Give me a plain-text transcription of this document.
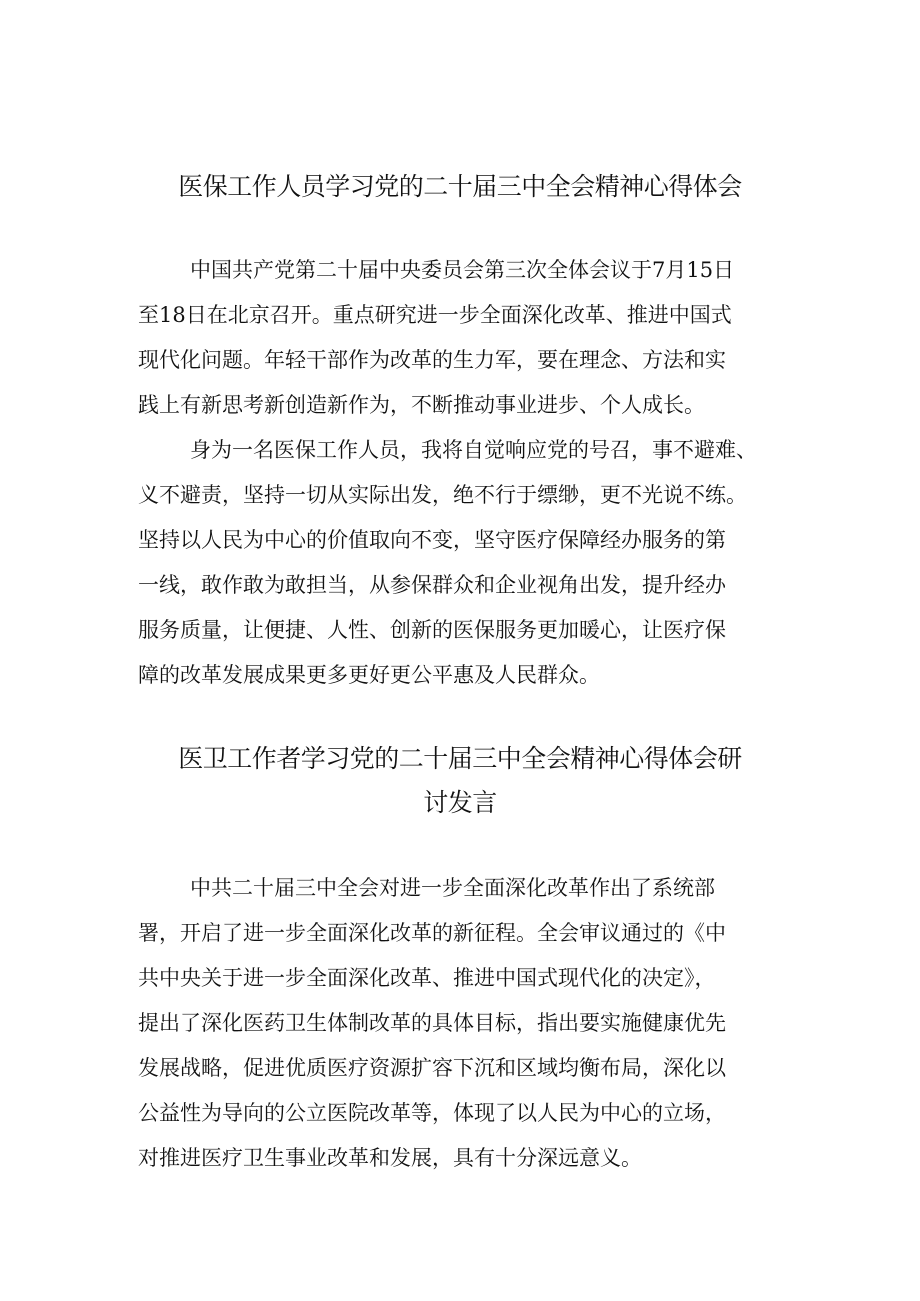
医保工作人员学习党的二十届三中全会精神心得体会
中国共产党第二十届中央委员会第三次全体会议于7月15日
至18日在北京召开。重点研究进一步全面深化改革、推进中国式
现代化问题。年轻干部作为改革的生力军，要在理念、方法和实
践上有新思考新创造新作为，不断推动事业进步、个人成长。
身为一名医保工作人员，我将自觉响应党的号召，事不避难、
义不避责，坚持一切从实际出发，绝不行于缥缈，更不光说不练。
坚持以人民为中心的价值取向不变，坚守医疗保障经办服务的第
一线，敢作敢为敢担当，从参保群众和企业视角出发，提升经办
服务质量，让便捷、人性、创新的医保服务更加暖心，让医疗保
障的改革发展成果更多更好更公平惠及人民群众。
医卫工作者学习党的二十届三中全会精神心得体会研
讨发言
中共二十届三中全会对进一步全面深化改革作出了系统部
署，开启了进一步全面深化改革的新征程。全会审议通过的《中
共中央关于进一步全面深化改革、推进中国式现代化的决定》，
提出了深化医药卫生体制改革的具体目标，指出要实施健康优先
发展战略，促进优质医疗资源扩容下沉和区域均衡布局，深化以
公益性为导向的公立医院改革等，体现了以人民为中心的立场，
对推进医疗卫生事业改革和发展，具有十分深远意义。
